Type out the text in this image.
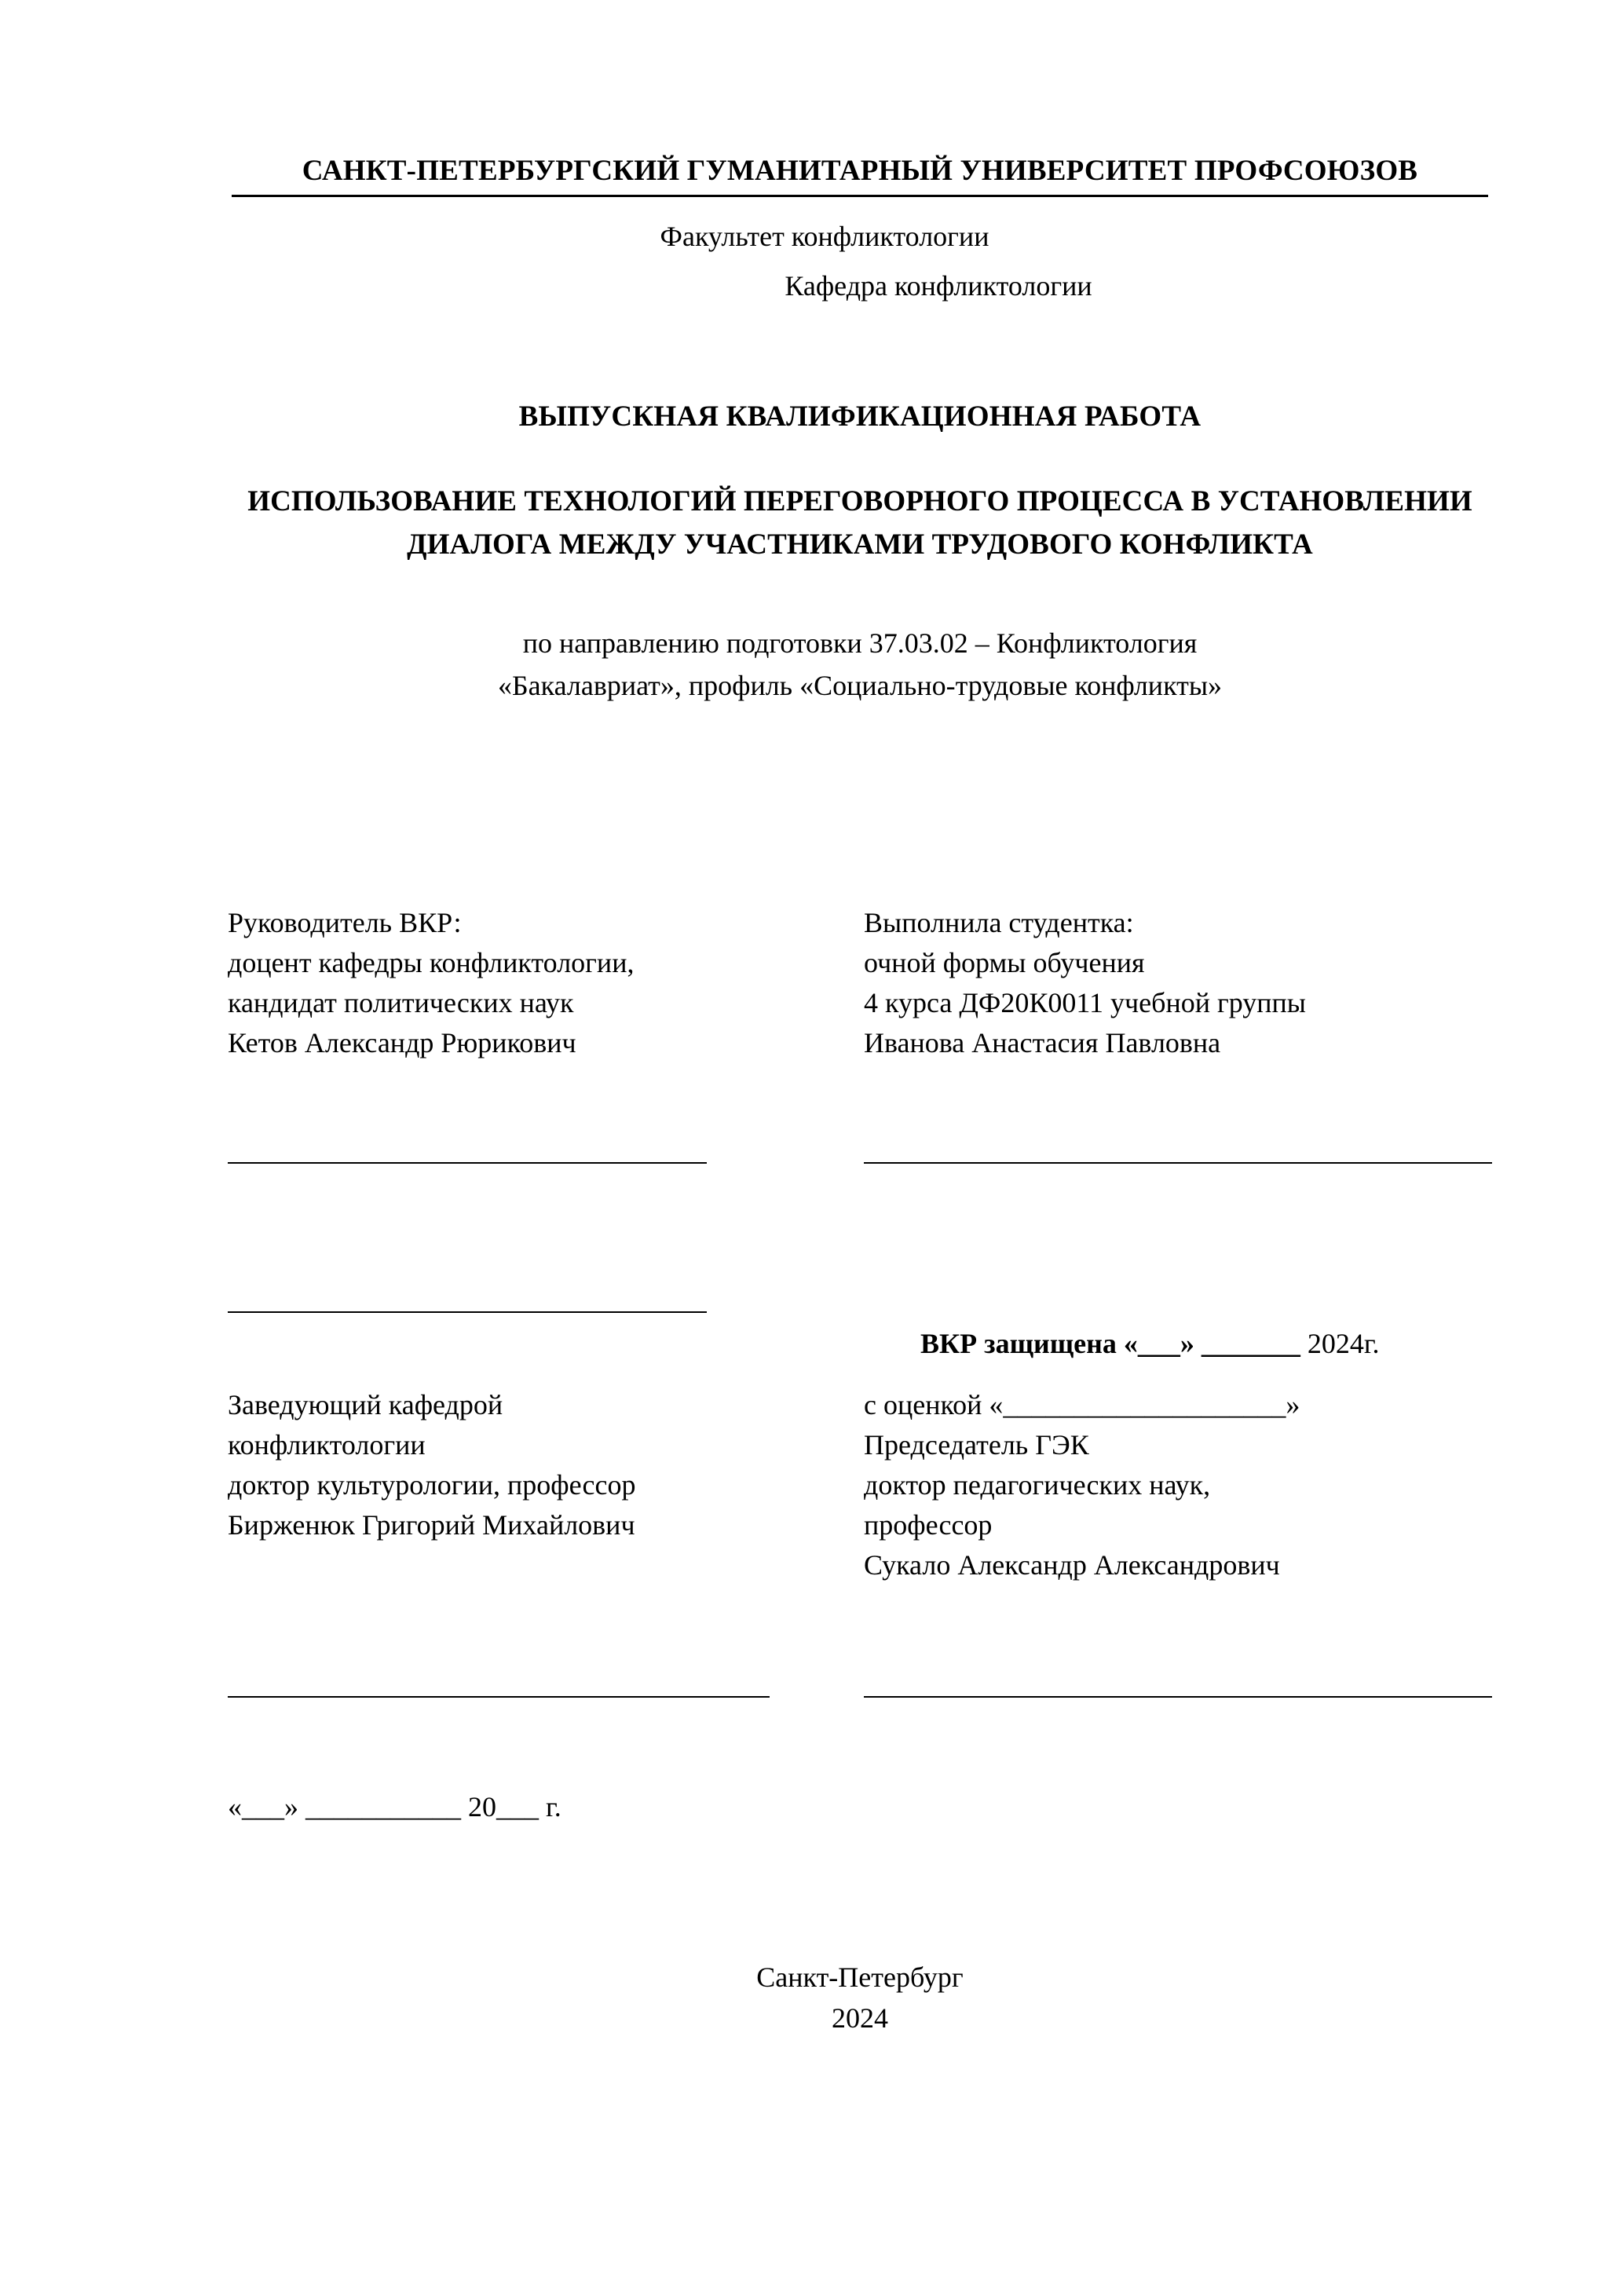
САНКТ-ПЕТЕРБУРГСКИЙ ГУМАНИТАРНЫЙ УНИВЕРСИТЕТ ПРОФСОЮЗОВ
Факультет конфликтологии
Кафедра конфликтологии
ВЫПУСКНАЯ КВАЛИФИКАЦИОННАЯ РАБОТА
ИСПОЛЬЗОВАНИЕ ТЕХНОЛОГИЙ ПЕРЕГОВОРНОГО ПРОЦЕССА В УСТАНОВЛЕНИИ ДИАЛОГА МЕЖДУ УЧАСТНИКАМИ ТРУДОВОГО КОНФЛИКТА
по направлению подготовки 37.03.02 – Конфликтология
«Бакалавриат», профиль «Социально-трудовые конфликты»
Руководитель ВКР:
доцент кафедры конфликтологии,
кандидат политических наук
Кетов Александр Рюрикович
Выполнила студентка:
очной формы обучения
4 курса ДФ20К0011 учебной группы
Иванова Анастасия Павловна

ВКР защищена «___» _______ 2024г.

Заведующий кафедрой
конфликтологии
доктор культурологии, профессор
Бирженюк Григорий Михайлович
с оценкой «____________________»
Председатель ГЭК
доктор педагогических наук,
профессор
Сукало Александр Александрович
«___» ___________ 20___ г.
Санкт-Петербург
2024
